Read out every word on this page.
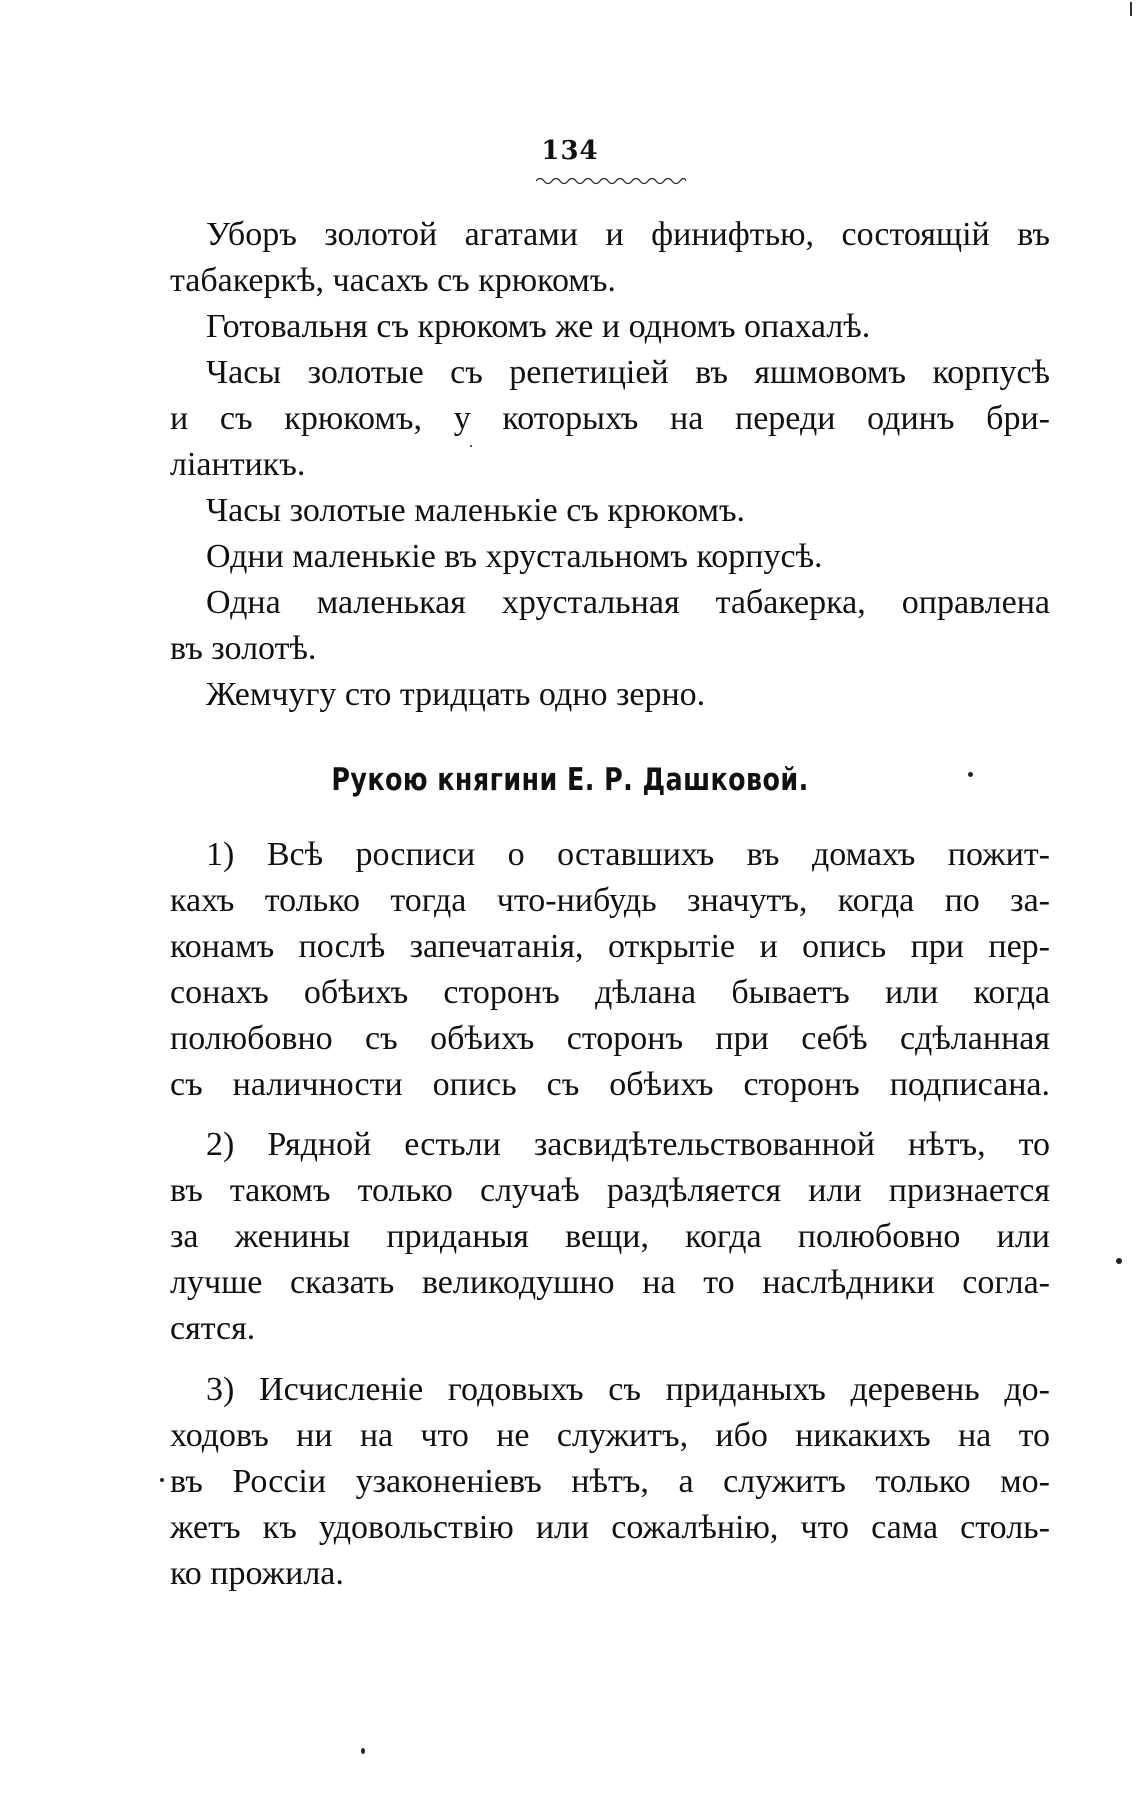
134
Уборъ золотой агатами и финифтью, состоящій въ
табакеркѣ, часахъ съ крюкомъ.
Готовальня съ крюкомъ же и одномъ опахалѣ.
Часы золотые съ репетиціей въ яшмовомъ корпусѣ
и съ крюкомъ, у которыхъ на переди одинъ бри-
ліантикъ.
Часы золотые маленькіе съ крюкомъ.
Одни маленькіе въ хрустальномъ корпусѣ.
Одна маленькая хрустальная табакерка, оправлена
въ золотѣ.
Жемчугу сто тридцать одно зерно.
Рукою княгини Е. Р. Дашковой.
1) Всѣ росписи о оставшихъ въ домахъ пожит-
кахъ только тогда что-нибудь значутъ, когда по за-
конамъ послѣ запечатанія, открытіе и опись при пер-
сонахъ обѣихъ сторонъ дѣлана бываетъ или когда
полюбовно съ обѣихъ сторонъ при себѣ сдѣланная
съ наличности опись съ обѣихъ сторонъ подписана.
2) Рядной естьли засвидѣтельствованной нѣтъ, то
въ такомъ только случаѣ раздѣляется или признается
за женины приданыя вещи, когда полюбовно или
лучше сказать великодушно на то наслѣдники согла-
сятся.
3) Исчисленіе годовыхъ съ приданыхъ деревень до-
ходовъ ни на что не служитъ, ибо никакихъ на то
въ Россіи узаконеніевъ нѣтъ, а служитъ только мо-
жетъ къ удовольствію или сожалѣнію, что сама столь-
ко прожила.
